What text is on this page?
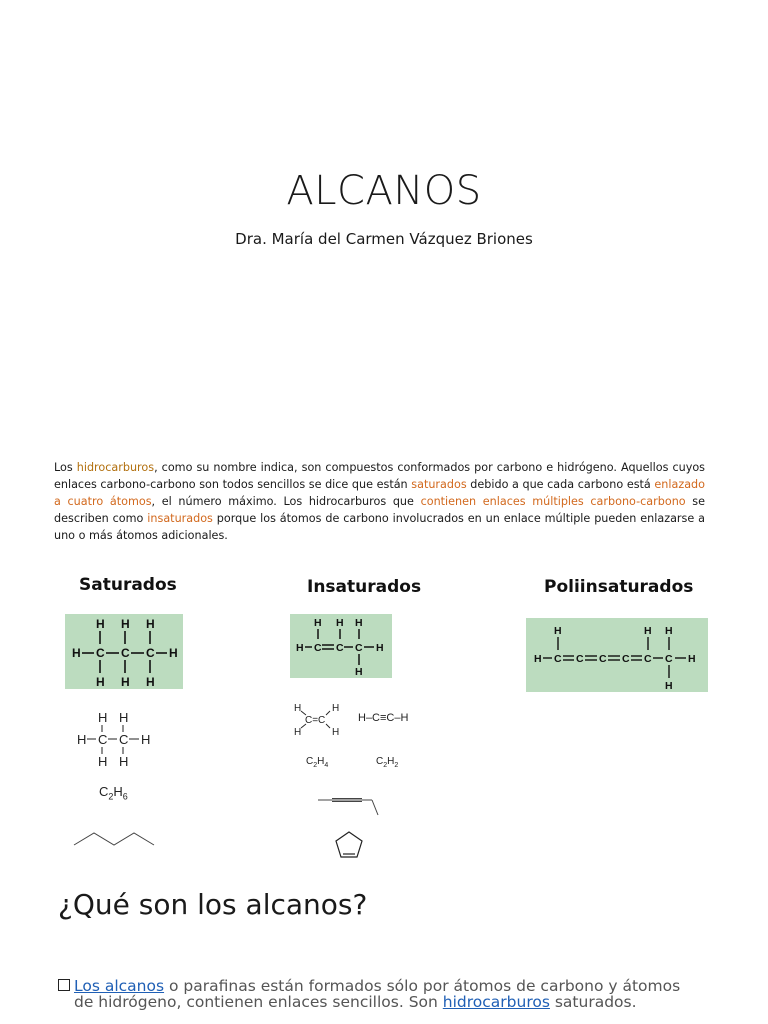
ALCANOS
Dra. María del Carmen Vázquez Briones
Los hidrocarburos, como su nombre indica, son compuestos conformados por carbono e hidrógeno. Aquellos cuyos enlaces carbono-carbono son todos sencillos se dice que están saturados debido a que cada carbono está enlazado a cuatro átomos, el número máximo. Los hidrocarburos que contienen enlaces múltiples carbono-carbono se describen como insaturados porque los átomos de carbono involucrados en un enlace múltiple pueden enlazarse a uno o más átomos adicionales.
Saturados	Insaturados	Poliinsaturados
H H H
H H H
H C C C H
H H
H C C H
H H
$C_2H_6$
H H H
H C C C H
H
H	H
C=C
H	H
H–C≡C–H
$C_2H_4$	$C_2H_2$
H	H H
H C C C C C C H
H
¿Qué son los alcanos?
Los alcanos o parafinas están formados sólo por átomos de carbono y átomos
de hidrógeno, contienen enlaces sencillos. Son hidrocarburos saturados.
